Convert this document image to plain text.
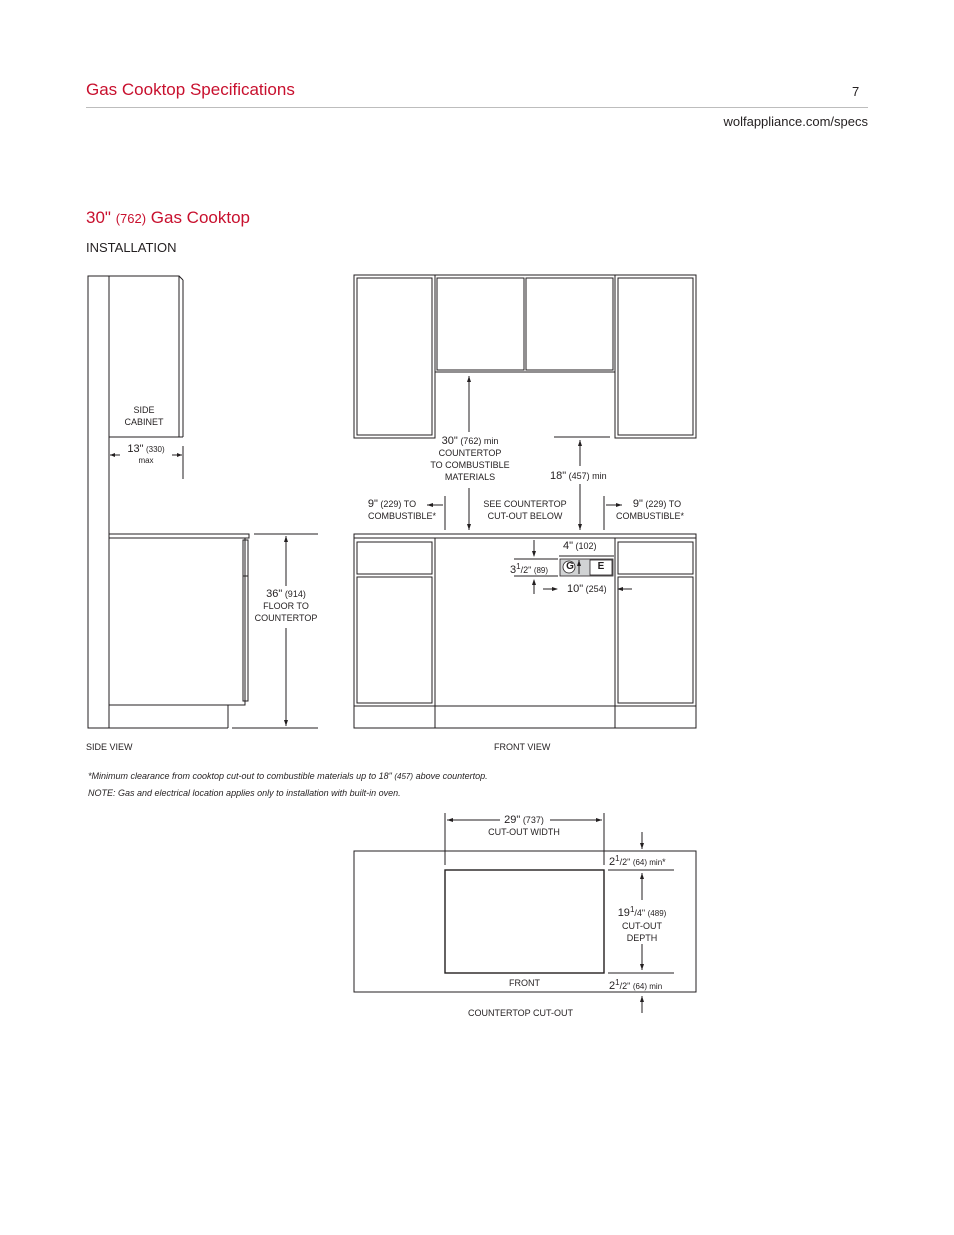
Gas Cooktop Specifications	7
wolfappliance.com/specs
30" (762) Gas Cooktop
INSTALLATION
SIDE
CABINET
13" (330)
max
36" (914)
FLOOR TO
COUNTERTOP
SIDE VIEW
30" (762) min
COUNTERTOP
TO COMBUSTIBLE
MATERIALS	18" (457) min
9" (229) TO
COMBUSTIBLE*
SEE COUNTERTOP
CUT-OUT BELOW
9" (229) TO
COMBUSTIBLE*
4" (102)
$3^1/2$" (89) G	E
10" (254)
FRONT VIEW
*Minimum clearance from cooktop cut-out to combustible materials up to 18" (457) above countertop.
NOTE: Gas and electrical location applies only to installation with built-in oven.
29" (737)
CUT-OUT WIDTH
$2^1/2$" (64) min*
$19^1/4$" (489)
CUT-OUT
DEPTH
FRONT	$2^1/2$" (64) min
COUNTERTOP CUT-OUT
